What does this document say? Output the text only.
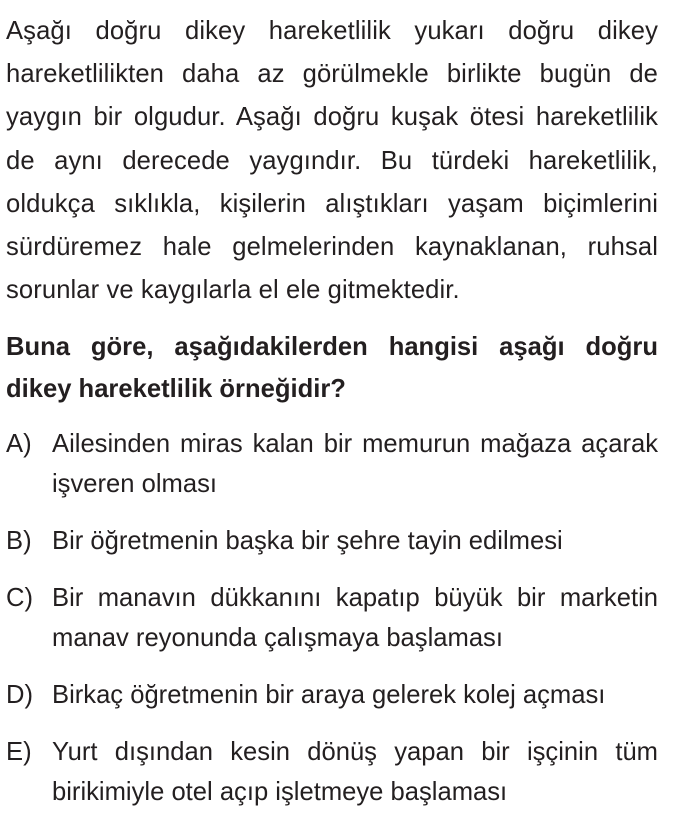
Aşağı doğru dikey hareketlilik yukarı doğru dikey hareketlilikten daha az görülmekle birlikte bugün de yaygın bir olgudur. Aşağı doğru kuşak ötesi hareketlilik de aynı derecede yaygındır. Bu türdeki hareketlilik, oldukça sıklıkla, kişilerin alıştıkları yaşam biçimlerini sürdüremez hale gelmelerinden kaynaklanan, ruhsal sorunlar ve kaygılarla el ele gitmektedir.

Buna göre, aşağıdakilerden hangisi aşağı doğru dikey hareketlilik örneğidir?

A) Ailesinden miras kalan bir memurun mağaza açarak işveren olması
B) Bir öğretmenin başka bir şehre tayin edilmesi
C) Bir manavın dükkanını kapatıp büyük bir marketin manav reyonunda çalışmaya başlaması
D) Birkaç öğretmenin bir araya gelerek kolej açması
E) Yurt dışından kesin dönüş yapan bir işçinin tüm birikimiyle otel açıp işletmeye başlaması
